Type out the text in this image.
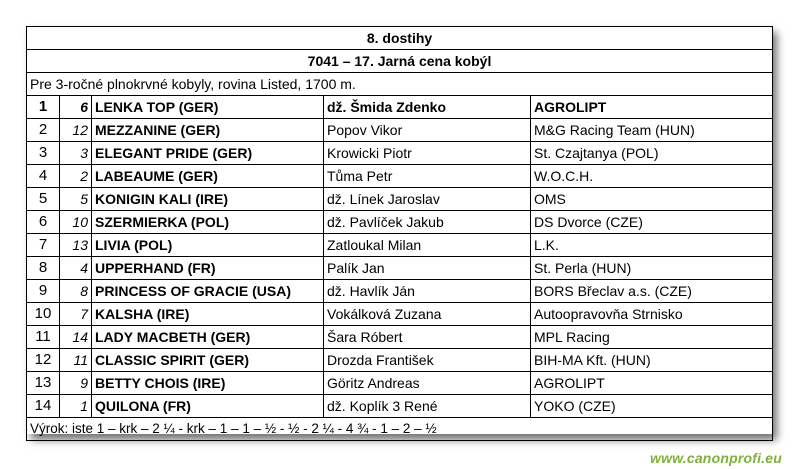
8. dostihy				
7041 – 17. Jarná cena kobýl				
Pre 3-ročné plnokrvné kobyly, rovina Listed, 1700 m.				
1	6	LENKA TOP (GER)	dž. Šmida Zdenko	AGROLIPT
2	12	MEZZANINE (GER)	Popov Vikor	M&G Racing Team (HUN)
3	3	ELEGANT PRIDE (GER)	Krowicki Piotr	St. Czajtanya (POL)
4	2	LABEAUME (GER)	Tůma Petr	W.O.C.H.
5	5	KONIGIN KALI (IRE)	dž. Línek Jaroslav	OMS
6	10	SZERMIERKA (POL)	dž. Pavlíček Jakub	DS Dvorce (CZE)
7	13	LIVIA (POL)	Zatloukal Milan	L.K.
8	4	UPPERHAND (FR)	Palík Jan	St. Perla (HUN)
9	8	PRINCESS OF GRACIE (USA)	dž. Havlík Ján	BORS Břeclav a.s. (CZE)
10	7	KALSHA (IRE)	Vokálková Zuzana	Autoopravovňa Strnisko
11	14	LADY MACBETH (GER)	Šara Róbert	MPL Racing
12	11	CLASSIC SPIRIT (GER)	Drozda František	BIH-MA Kft. (HUN)
13	9	BETTY CHOIS (IRE)	Göritz Andreas	AGROLIPT
14	1	QUILONA (FR)	dž. Koplík 3 René	YOKO (CZE)
Výrok: iste 1 – krk – 2 ¼ - krk – 1 – 1 – ½ - ½ - 2 ¼ - 4 ¾ - 1 – 2 – ½				
www.canonprofi.eu
